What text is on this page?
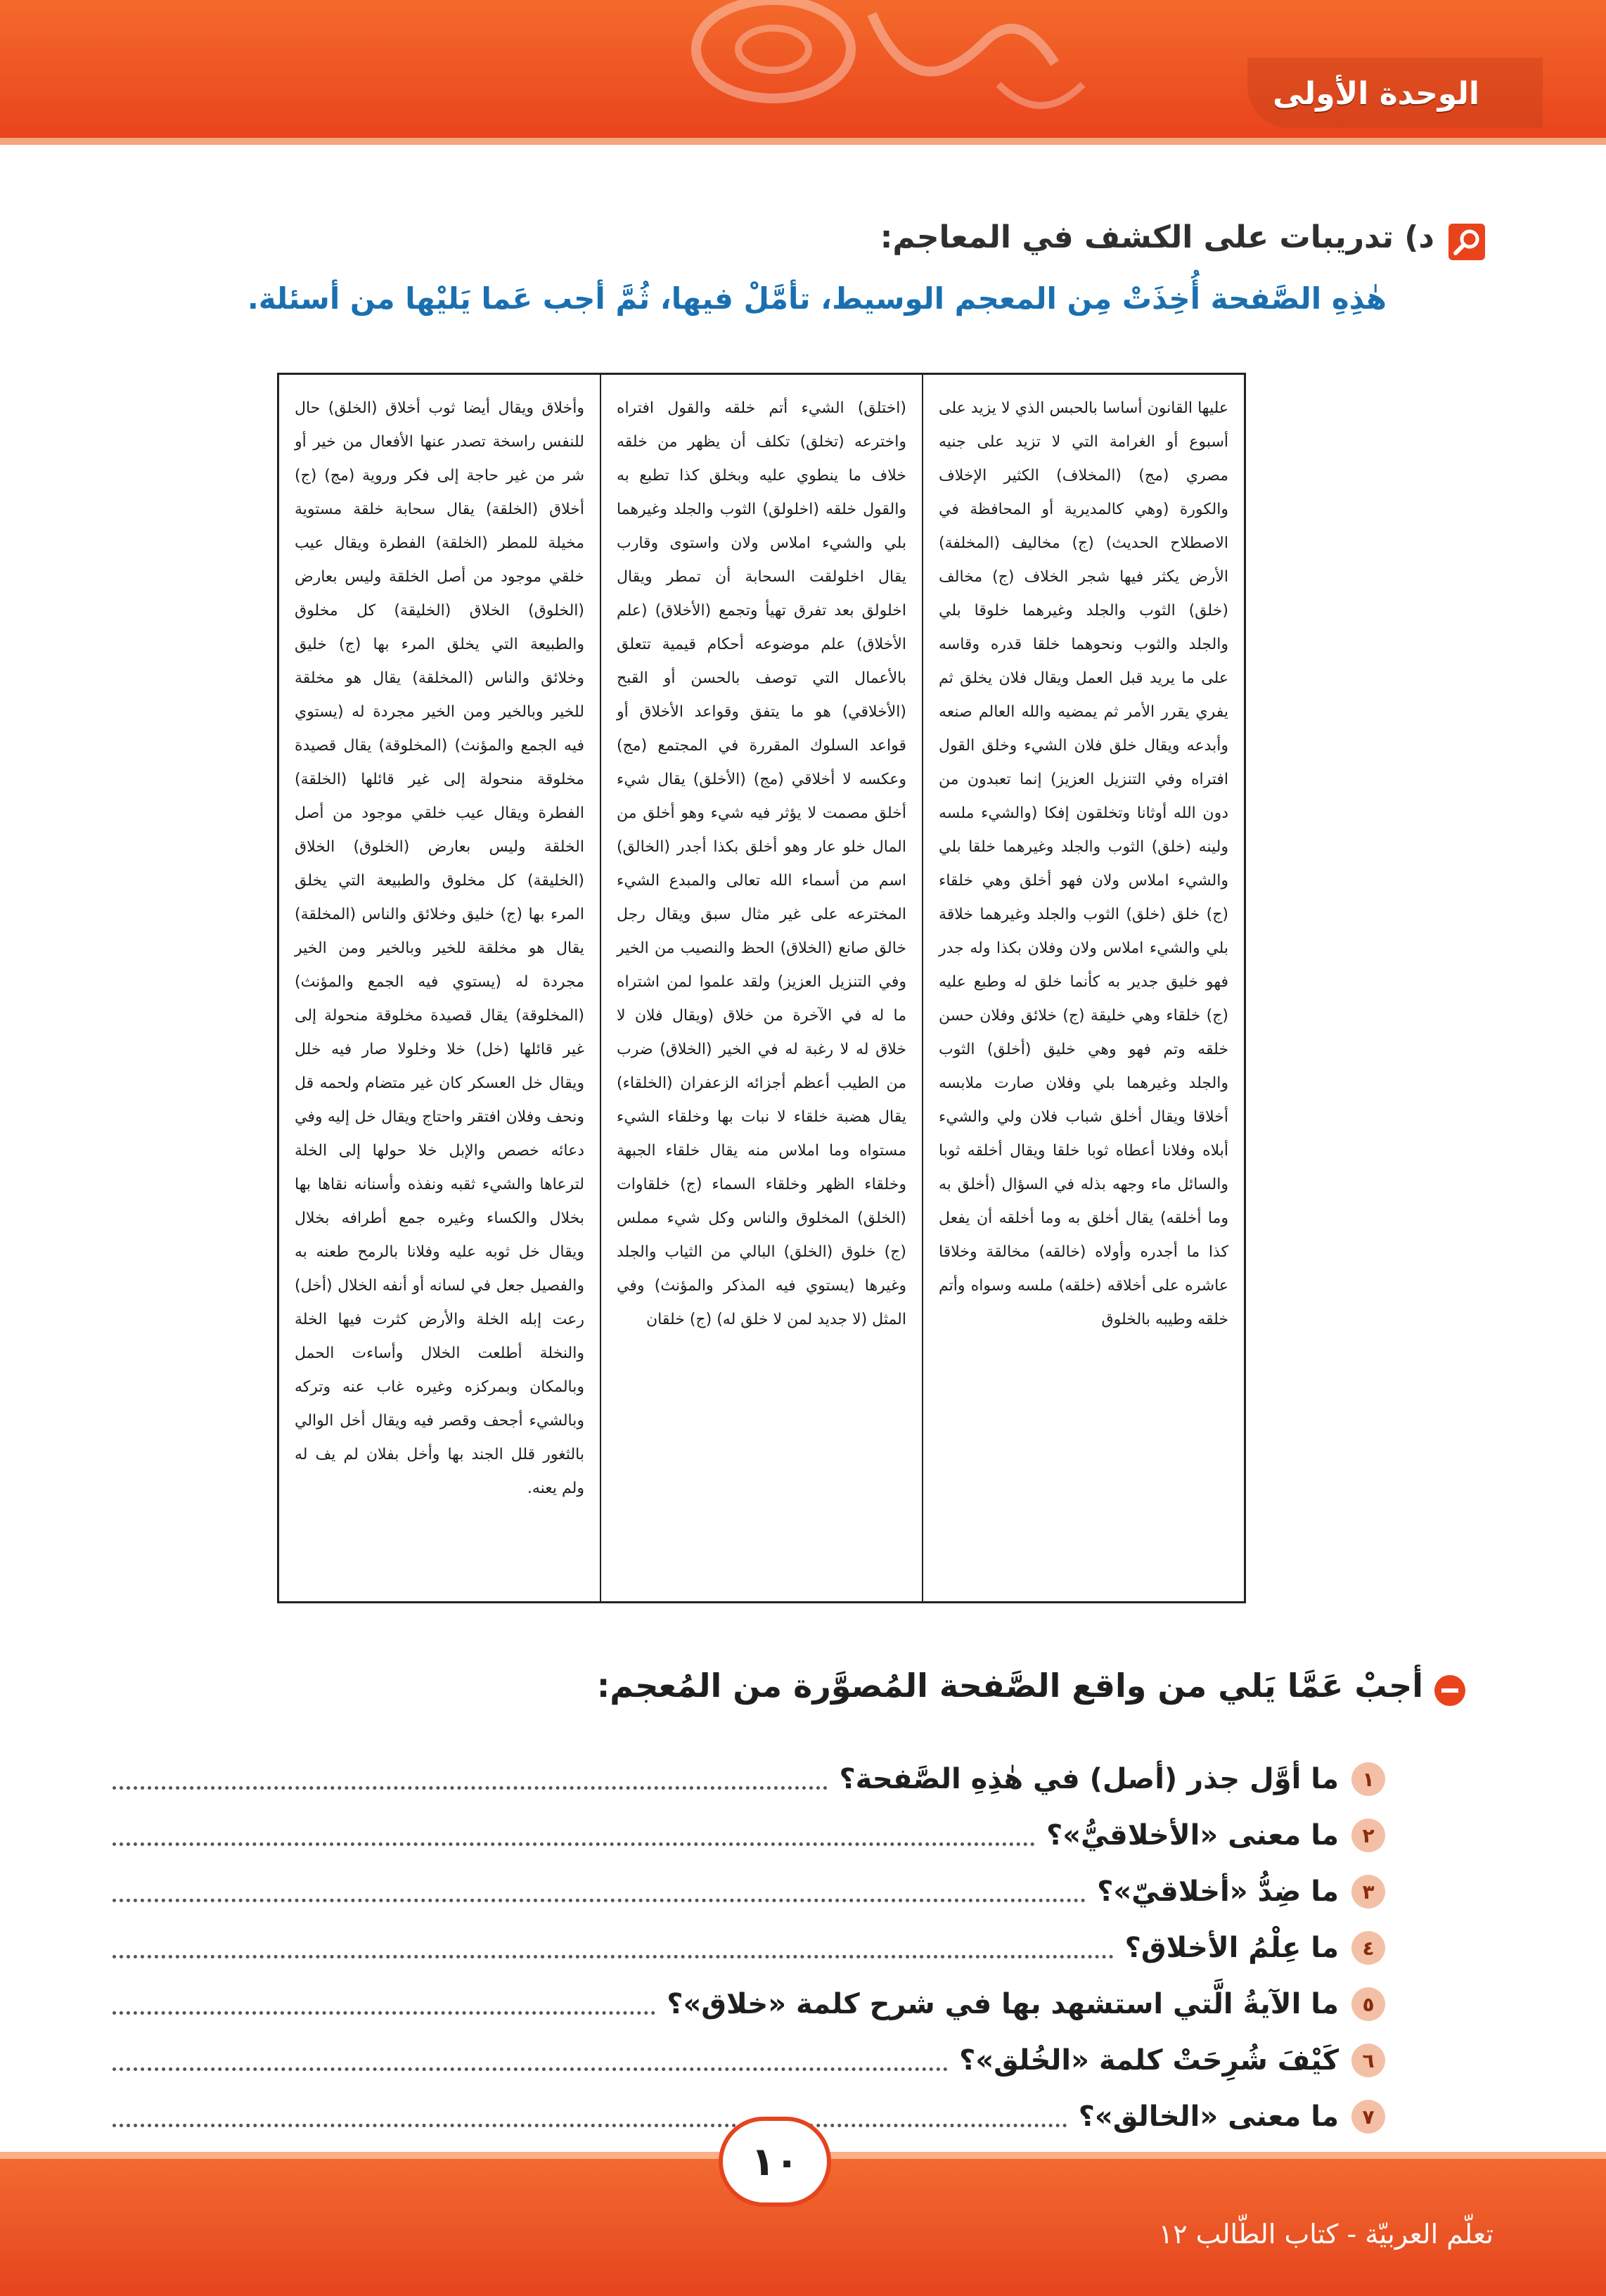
الوحدة الأولى
د) تدريبات على الكشف في المعاجم:
هٰذِهِ الصَّفحة أُخِذَتْ مِن المعجم الوسيط، تأمَّلْ فيها، ثُمَّ أجب عَما يَليْها من أسئلة.

عليها القانون أساسا بالحبس الذي لا يزيد على أسبوع أو الغرامة التي لا تزيد على جنيه مصري (مج) (المخلاف) الكثير الإخلاف والكورة (وهي كالمديرية أو المحافظة في الاصطلاح الحديث) (ج) مخاليف (المخلفة) الأرض يكثر فيها شجر الخلاف (ج) مخالف (خلق) الثوب والجلد وغيرهما خلوقا بلي والجلد والثوب ونحوهما خلقا قدره وقاسه على ما يريد قبل العمل ويقال فلان يخلق ثم يفري يقرر الأمر ثم يمضيه والله العالم صنعه وأبدعه ويقال خلق فلان الشيء وخلق القول افتراه وفي التنزيل العزيز) إنما تعبدون من دون الله أوثانا وتخلقون إفكا (والشيء ملسه ولينه (خلق) الثوب والجلد وغيرهما خلقا بلي والشيء املاس ولان فهو أخلق وهي خلقاء (ج) خلق (خلق) الثوب والجلد وغيرهما خلاقة بلي والشيء املاس ولان وفلان بكذا وله جدر فهو خليق جدير به كأنما خلق له وطبع عليه (ج) خلقاء وهي خليقة (ج) خلائق وفلان حسن خلقه وتم فهو وهي خليق (أخلق) الثوب والجلد وغيرهما بلي وفلان صارت ملابسه أخلاقا ويقال أخلق شباب فلان ولي والشيء أبلاه وفلانا أعطاه ثوبا خلقا ويقال أخلقه ثوبا والسائل ماء وجهه بذله في السؤال (أخلق به وما أخلقه) يقال أخلق به وما أخلقه أن يفعل كذا ما أجدره وأولاه (خالقه) مخالقة وخلاقا عاشره على أخلاقه (خلقه) ملسه وسواه وأتم خلقه وطيبه بالخلوق

(اختلق) الشيء أتم خلقه والقول افتراه واخترعه (تخلق) تكلف أن يظهر من خلقه خلاف ما ينطوي عليه وبخلق كذا تطبع به والقول خلقه (اخلولق) الثوب والجلد وغيرهما بلي والشيء املاس ولان واستوى وقارب يقال اخلولقت السحابة أن تمطر ويقال اخلولق بعد تفرق تهيأ وتجمع (الأخلاق) (علم الأخلاق) علم موضوعه أحكام قيمية تتعلق بالأعمال التي توصف بالحسن أو القبح (الأخلاقي) هو ما يتفق وقواعد الأخلاق أو قواعد السلوك المقررة في المجتمع (مج) وعكسه لا أخلاقي (مج) (الأخلق) يقال شيء أخلق مصمت لا يؤثر فيه شيء وهو أخلق من المال خلو عار وهو أخلق بكذا أجدر (الخالق) اسم من أسماء الله تعالى والمبدع الشيء المخترعه على غير مثال سبق ويقال رجل خالق صانع (الخلاق) الحظ والنصيب من الخير وفي التنزيل العزيز) ولقد علموا لمن اشتراه ما له في الآخرة من خلاق (ويقال فلان لا خلاق له لا رغبة له في الخير (الخلاق) ضرب من الطيب أعظم أجزائه الزعفران (الخلقاء) يقال هضبة خلقاء لا نبات بها وخلقاء الشيء مستواه وما املاس منه يقال خلقاء الجبهة وخلقاء الظهر وخلقاء السماء (ج) خلقاوات (الخلق) المخلوق والناس وكل شيء مملس (ج) خلوق (الخلق) البالي من الثياب والجلد وغيرها (يستوي فيه المذكر والمؤنث) وفي المثل (لا جديد لمن لا خلق له) (ج) خلقان

وأخلاق ويقال أيضا ثوب أخلاق (الخلق) حال للنفس راسخة تصدر عنها الأفعال من خير أو شر من غير حاجة إلى فكر وروية (مج) (ج) أخلاق (الخلقة) يقال سحابة خلقة مستوية مخيلة للمطر (الخلقة) الفطرة ويقال عيب خلقي موجود من أصل الخلقة وليس بعارض (الخلوق) الخلاق (الخليقة) كل مخلوق والطبيعة التي يخلق المرء بها (ج) خليق وخلائق والناس (المخلقة) يقال هو مخلقة للخير وبالخير ومن الخير مجردة له (يستوي فيه الجمع والمؤنث) (المخلوقة) يقال قصيدة مخلوقة منحولة إلى غير قائلها (الخلقة) الفطرة ويقال عيب خلقي موجود من أصل الخلقة وليس بعارض (الخلوق) الخلاق (الخليقة) كل مخلوق والطبيعة التي يخلق المرء بها (ج) خليق وخلائق والناس (المخلقة) يقال هو مخلقة للخير وبالخير ومن الخير مجردة له (يستوي فيه الجمع والمؤنث) (المخلوقة) يقال قصيدة مخلوقة منحولة إلى غير قائلها (خل) خلا وخلولا صار فيه خلل ويقال خل العسكر كان غير متضام ولحمه قل ونحف وفلان افتقر واحتاج ويقال خل إليه وفي دعائه خصص والإبل خلا حولها إلى الخلة لترعاها والشيء ثقبه ونفذه وأسنانه نقاها بها بخلال والكساء وغيره جمع أطرافه بخلال ويقال خل ثوبه عليه وفلانا بالرمح طعنه به والفصيل جعل في لسانه أو أنفه الخلال (أخل) رعت إبله الخلة والأرض كثرت فيها الخلة والنخلة أطلعت الخلال وأساءت الحمل وبالمكان وبمركزه وغيره غاب عنه وتركه وبالشيء أجحف وقصر فيه ويقال أخل الوالي بالثغور قلل الجند بها وأخل بفلان لم يف له ولم يعنه.

أجبْ عَمَّا يَلي من واقع الصَّفحة المُصوَّرة من المُعجم:
١
ما أوَّل جذر (أصل) في هٰذِهِ الصَّفحة؟
٢
ما معنى «الأخلاقيُّ»؟
٣
ما ضِدُّ «أخلاقيّ»؟
٤
ما عِلْمُ الأخلاق؟
٥
ما الآيةُ الَّتي استشهد بها في شرح كلمة «خلاق»؟
٦
كَيْفَ شُرِحَتْ كلمة «الخُلق»؟
٧
ما معنى «الخالق»؟
١٠
تعلّم العربيّة - كتاب الطّالب ١٢
